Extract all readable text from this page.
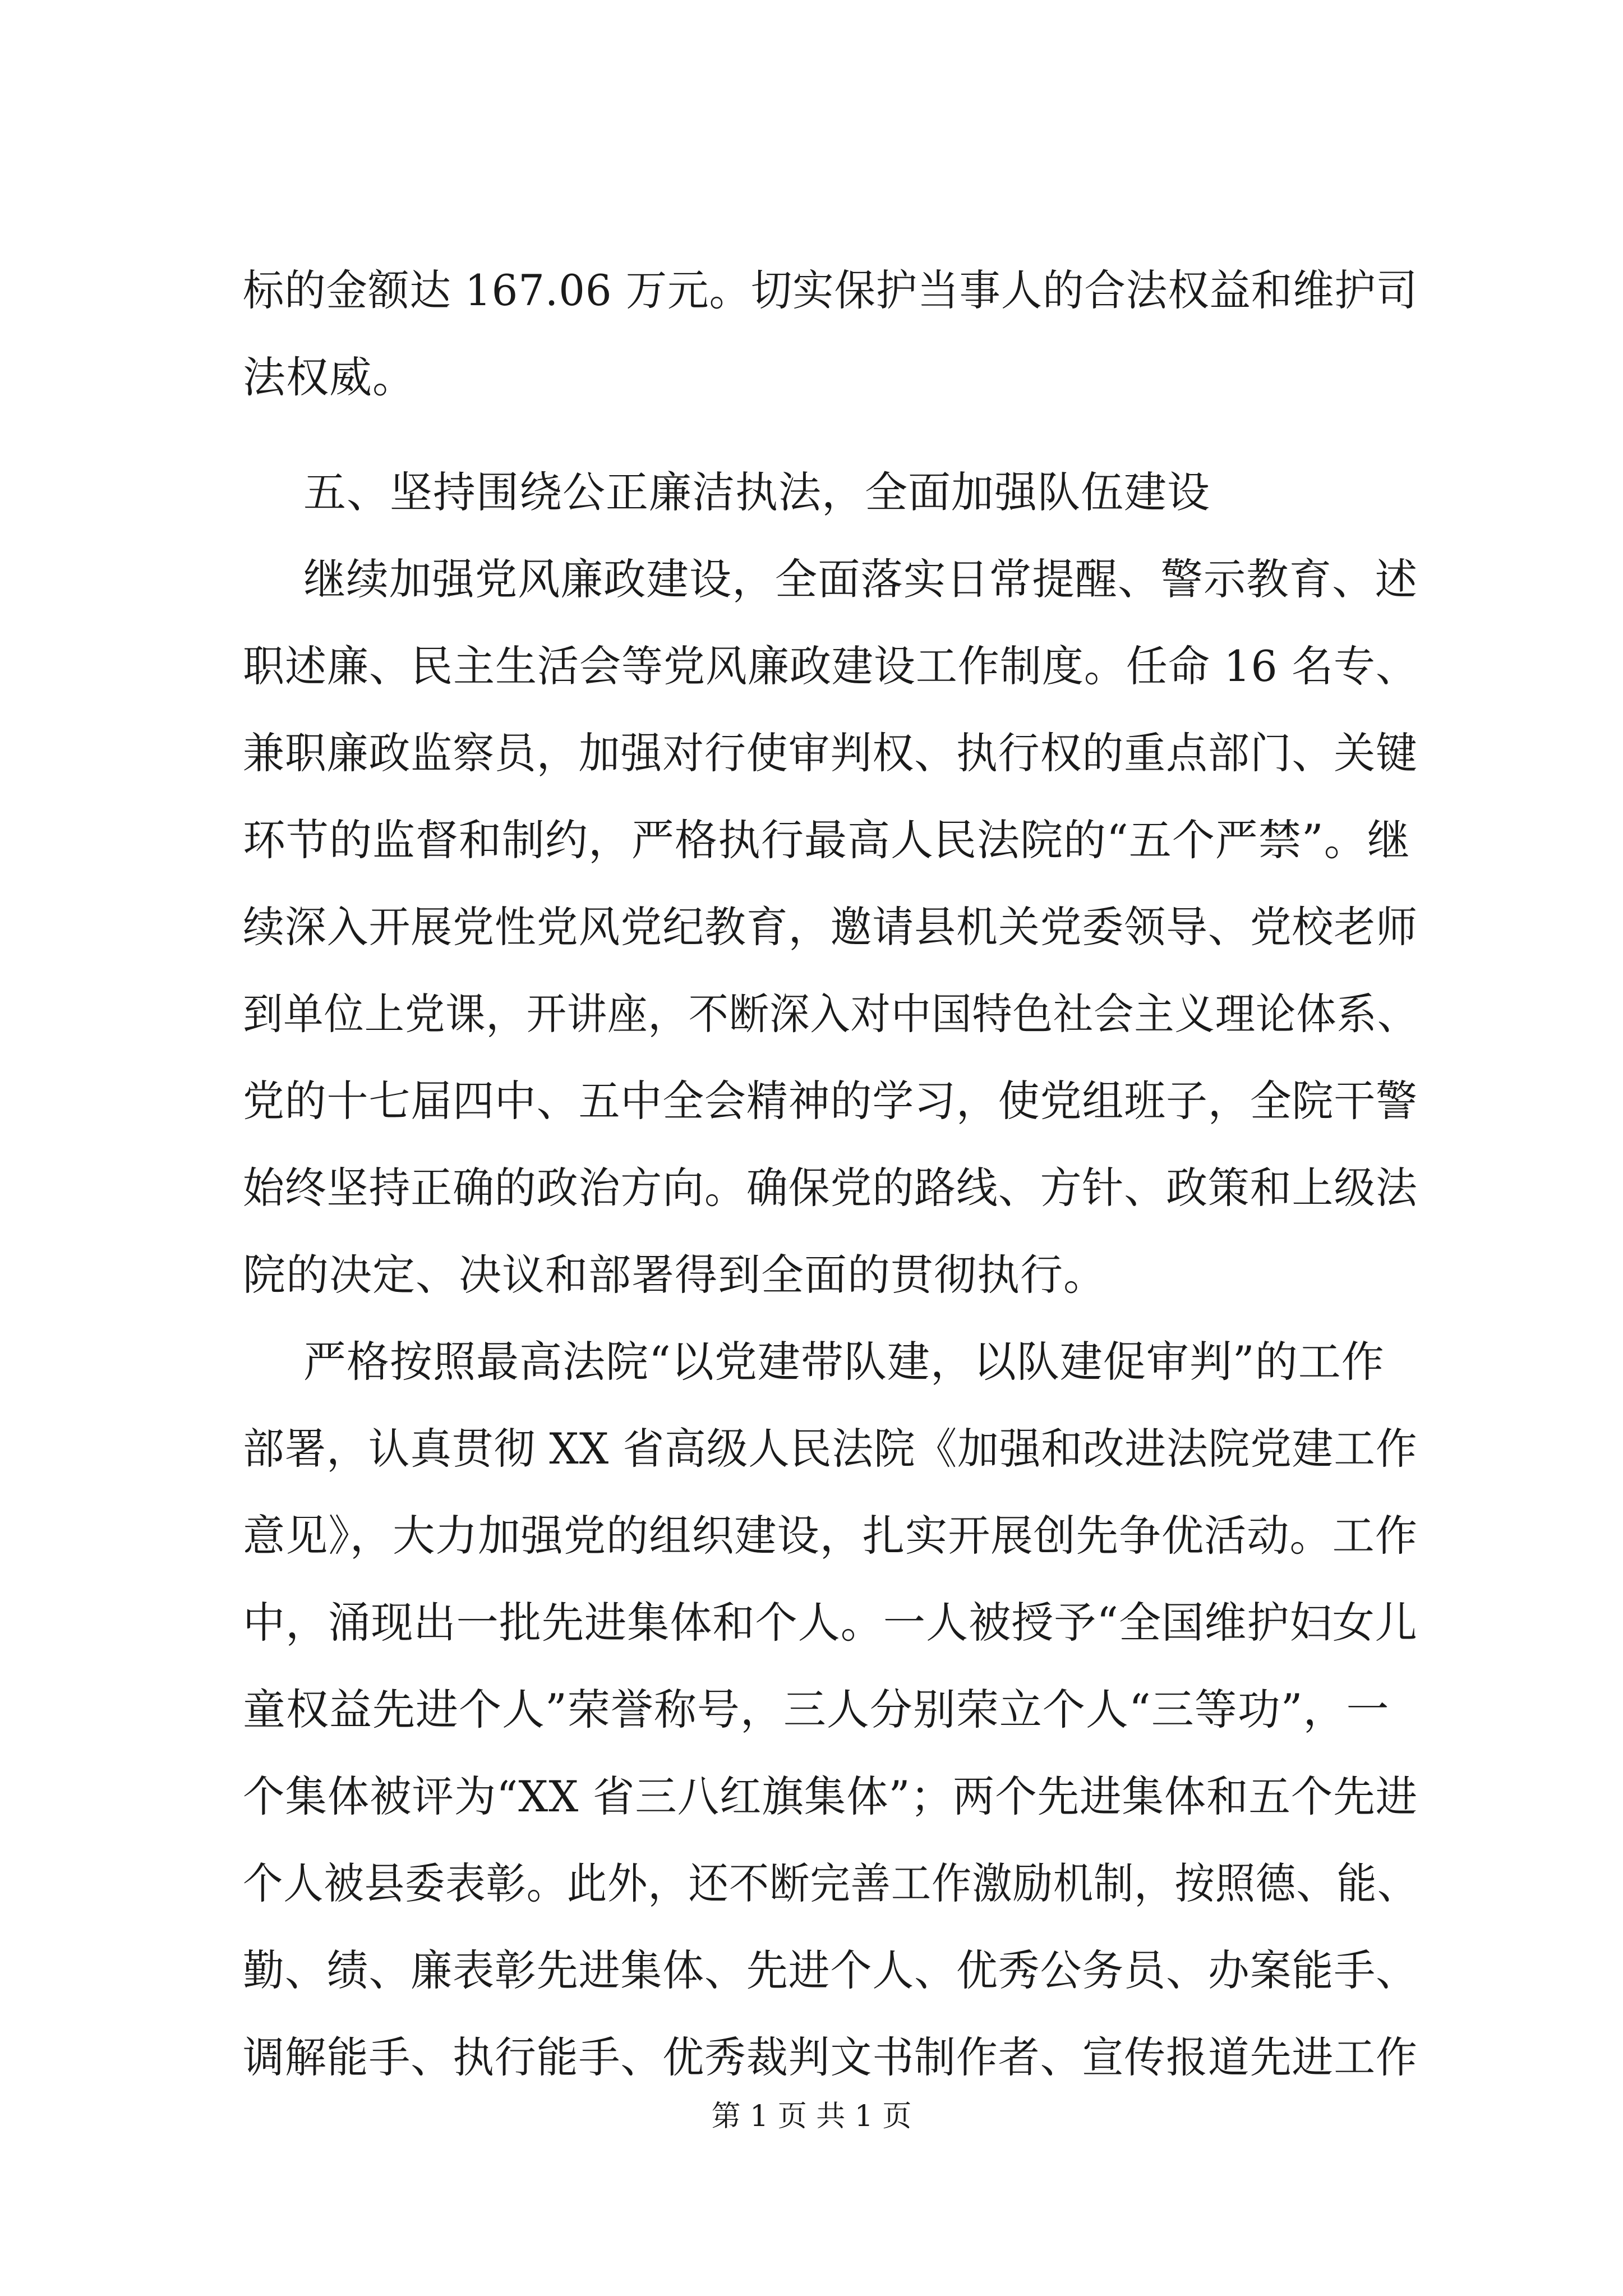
标的金额达 167.06 万元。切实保护当事人的合法权益和维护司
法权威。
五、坚持围绕公正廉洁执法，全面加强队伍建设
继续加强党风廉政建设，全面落实日常提醒、警示教育、述
职述廉、民主生活会等党风廉政建设工作制度。任命 16 名专、
兼职廉政监察员，加强对行使审判权、执行权的重点部门、关键
环节的监督和制约，严格执行最高人民法院的“五个严禁”。继
续深入开展党性党风党纪教育，邀请县机关党委领导、党校老师
到单位上党课，开讲座，不断深入对中国特色社会主义理论体系、
党的十七届四中、五中全会精神的学习，使党组班子，全院干警
始终坚持正确的政治方向。确保党的路线、方针、政策和上级法
院的决定、决议和部署得到全面的贯彻执行。
严格按照最高法院“以党建带队建，以队建促审判”的工作
部署，认真贯彻 XX 省高级人民法院《加强和改进法院党建工作
意见》，大力加强党的组织建设，扎实开展创先争优活动。工作
中，涌现出一批先进集体和个人。一人被授予“全国维护妇女儿
童权益先进个人”荣誉称号，三人分别荣立个人“三等功”，一
个集体被评为“XX 省三八红旗集体”；两个先进集体和五个先进
个人被县委表彰。此外，还不断完善工作激励机制，按照德、能、
勤、绩、廉表彰先进集体、先进个人、优秀公务员、办案能手、
调解能手、执行能手、优秀裁判文书制作者、宣传报道先进工作
第 1 页 共 1 页
